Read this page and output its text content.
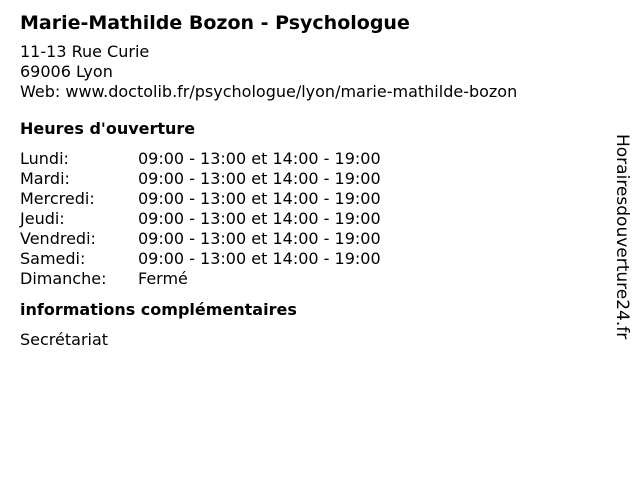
Marie-Mathilde Bozon - Psychologue
11-13 Rue Curie
69006 Lyon
Web: www.doctolib.fr/psychologue/lyon/marie-mathilde-bozon
Heures d'ouverture
Lundi:	09:00 - 13:00 et 14:00 - 19:00
Mardi:	09:00 - 13:00 et 14:00 - 19:00
Mercredi:	09:00 - 13:00 et 14:00 - 19:00
Jeudi:	09:00 - 13:00 et 14:00 - 19:00
Vendredi:	09:00 - 13:00 et 14:00 - 19:00
Samedi:	09:00 - 13:00 et 14:00 - 19:00
Dimanche:	Fermé
informations complémentaires
Secrétariat
Horairesdouverture24.fr
